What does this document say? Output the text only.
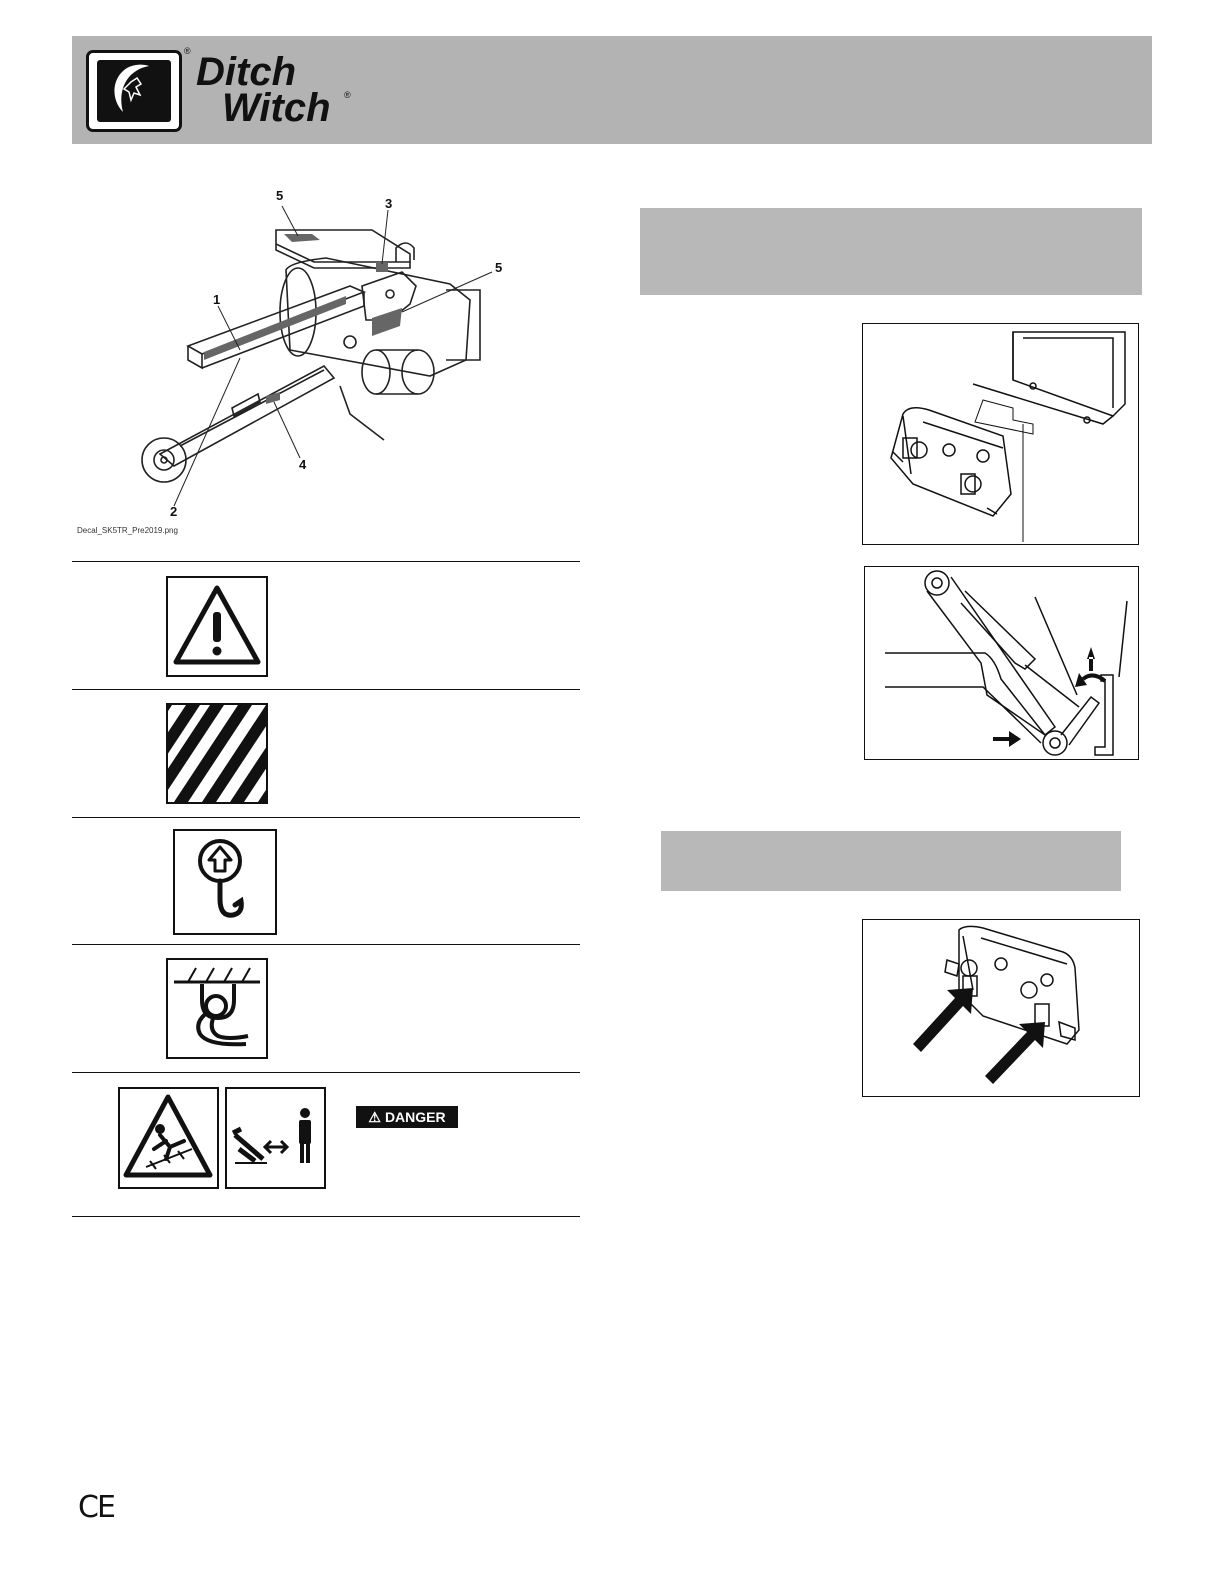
Ditch
®
Witch ®
5
3
5
1
4
2
Decal_SK5TR_Pre2019.png
⚠ DANGER
CE
